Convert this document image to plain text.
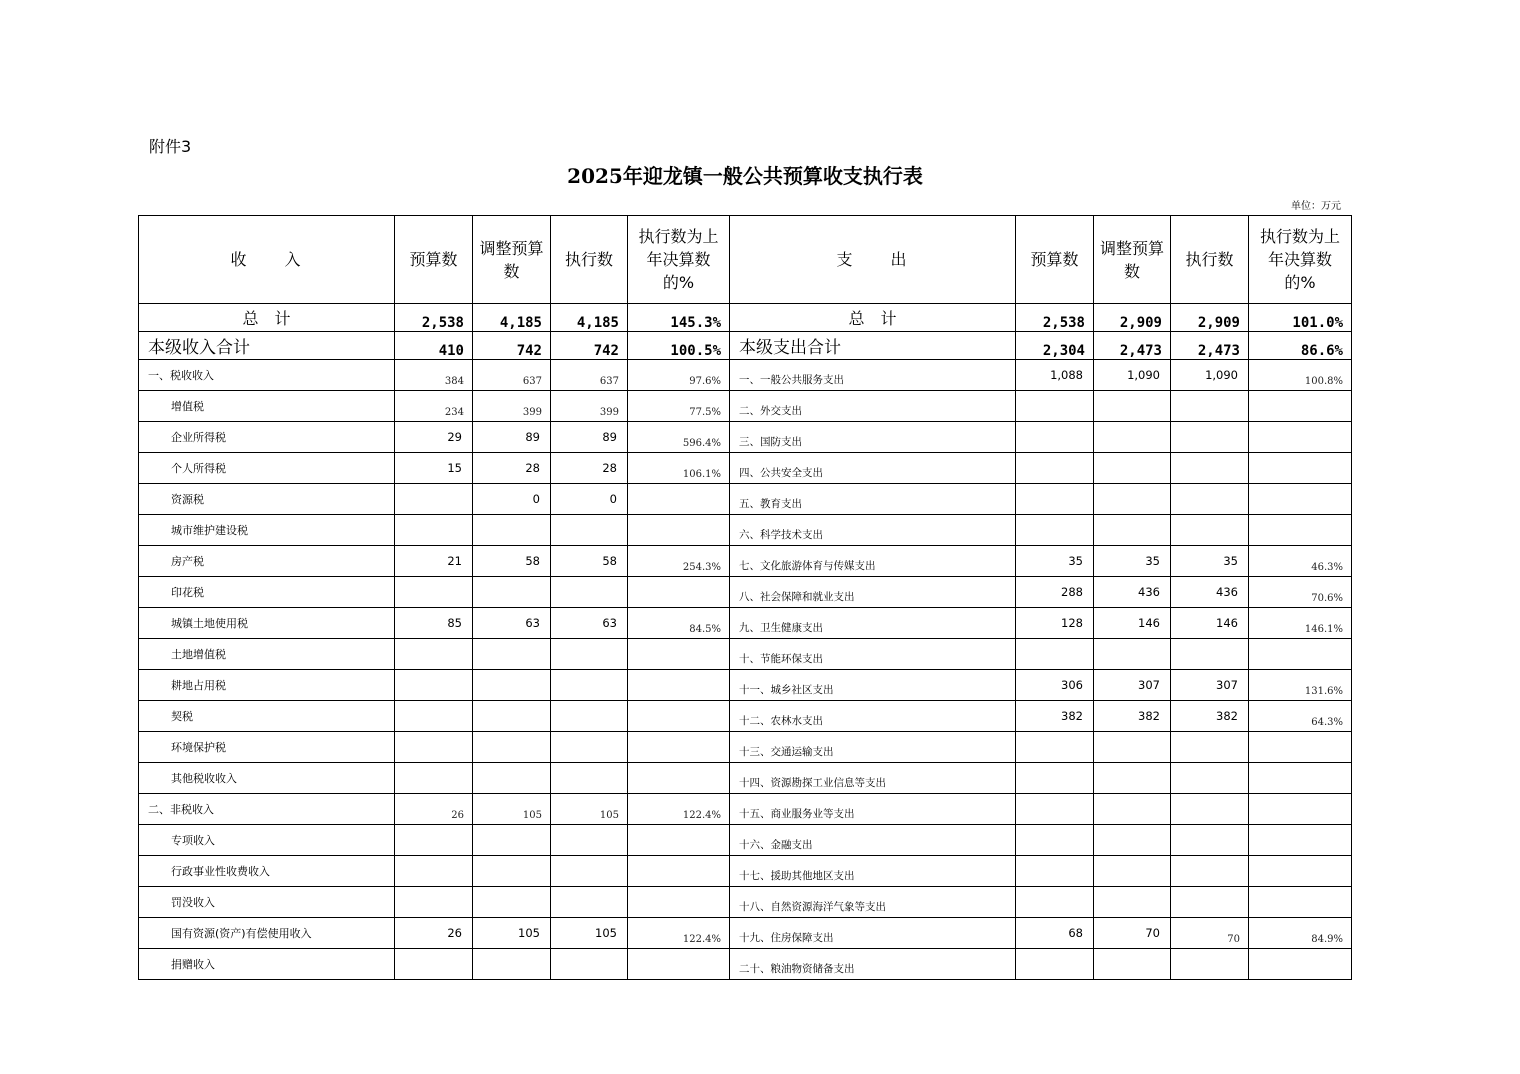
附件3
2025年迎龙镇一般公共预算收支执行表
单位：万元
收　　入	预算数	调整预算数	执行数	执行数为上年决算数的%	支　　出	预算数	调整预算数	执行数	执行数为上年决算数的%
总　计	2,538	4,185	4,185	145.3%	总　计	2,538	2,909	2,909	101.0%
本级收入合计	410	742	742	100.5%	本级支出合计	2,304	2,473	2,473	86.6%
一、税收收入	384	637	637	97.6%	一、一般公共服务支出	1,088	1,090	1,090	100.8%
增值税	234	399	399	77.5%	二、外交支出				
企业所得税	29	89	89	596.4%	三、国防支出				
个人所得税	15	28	28	106.1%	四、公共安全支出				
资源税		0	0		五、教育支出				
城市维护建设税					六、科学技术支出				
房产税	21	58	58	254.3%	七、文化旅游体育与传媒支出	35	35	35	46.3%
印花税					八、社会保障和就业支出	288	436	436	70.6%
城镇土地使用税	85	63	63	84.5%	九、卫生健康支出	128	146	146	146.1%
土地增值税					十、节能环保支出				
耕地占用税					十一、城乡社区支出	306	307	307	131.6%
契税					十二、农林水支出	382	382	382	64.3%
环境保护税					十三、交通运输支出				
其他税收收入					十四、资源勘探工业信息等支出				
二、非税收入	26	105	105	122.4%	十五、商业服务业等支出				
专项收入					十六、金融支出				
行政事业性收费收入					十七、援助其他地区支出				
罚没收入					十八、自然资源海洋气象等支出				
国有资源(资产)有偿使用收入	26	105	105	122.4%	十九、住房保障支出	68	70	70	84.9%
捐赠收入					二十、粮油物资储备支出				
